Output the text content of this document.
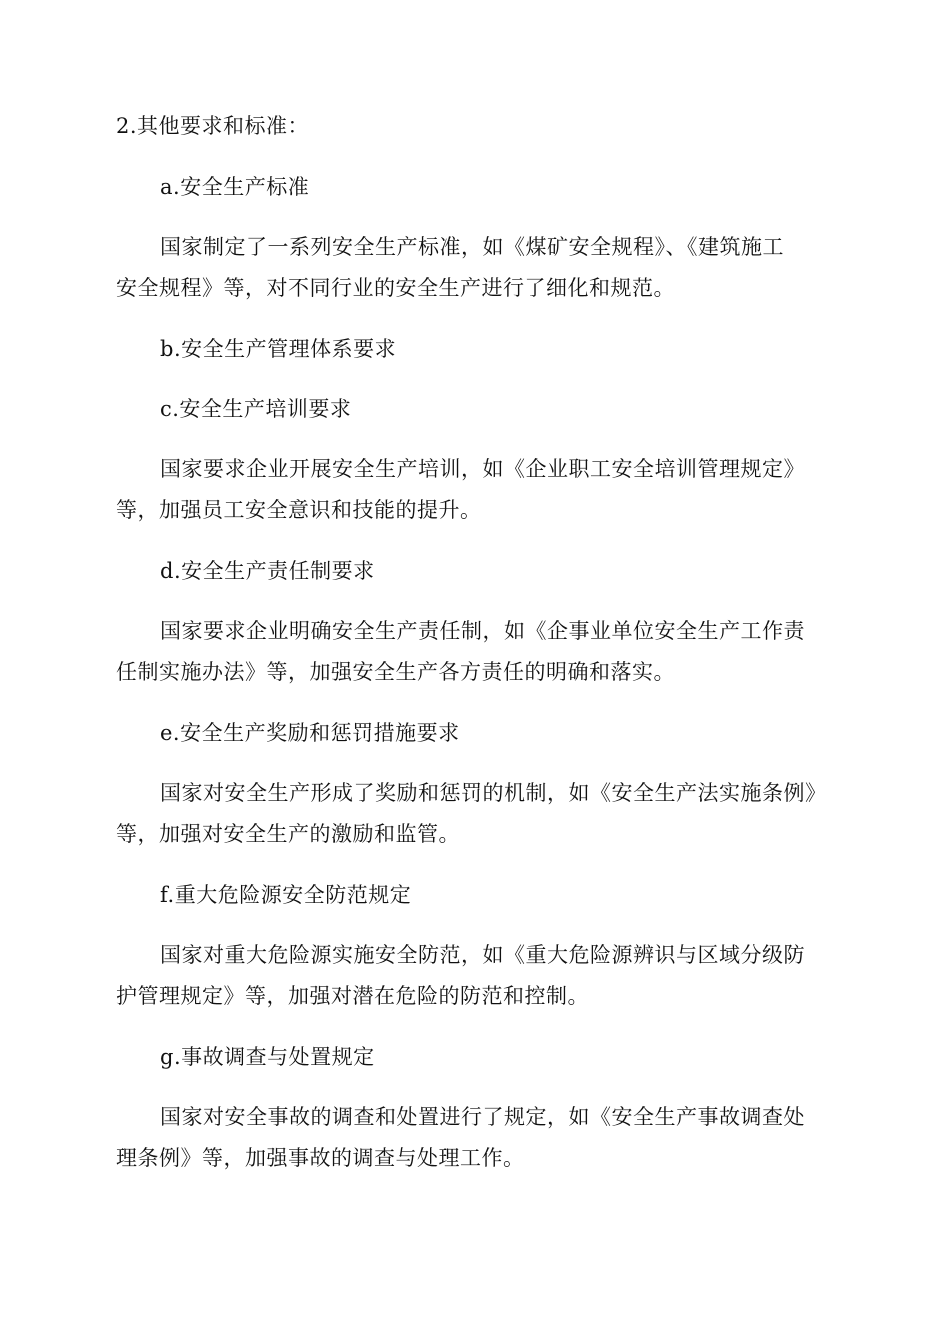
2.其他要求和标准：
a.安全生产标准
国家制定了一系列安全生产标准，如《煤矿安全规程》、《建筑施工
安全规程》等，对不同行业的安全生产进行了细化和规范。
b.安全生产管理体系要求
c.安全生产培训要求
国家要求企业开展安全生产培训，如《企业职工安全培训管理规定》
等，加强员工安全意识和技能的提升。
d.安全生产责任制要求
国家要求企业明确安全生产责任制，如《企事业单位安全生产工作责
任制实施办法》等，加强安全生产各方责任的明确和落实。
e.安全生产奖励和惩罚措施要求
国家对安全生产形成了奖励和惩罚的机制，如《安全生产法实施条例》
等，加强对安全生产的激励和监管。
f.重大危险源安全防范规定
国家对重大危险源实施安全防范，如《重大危险源辨识与区域分级防
护管理规定》等，加强对潜在危险的防范和控制。
g.事故调查与处置规定
国家对安全事故的调查和处置进行了规定，如《安全生产事故调查处
理条例》等，加强事故的调查与处理工作。
